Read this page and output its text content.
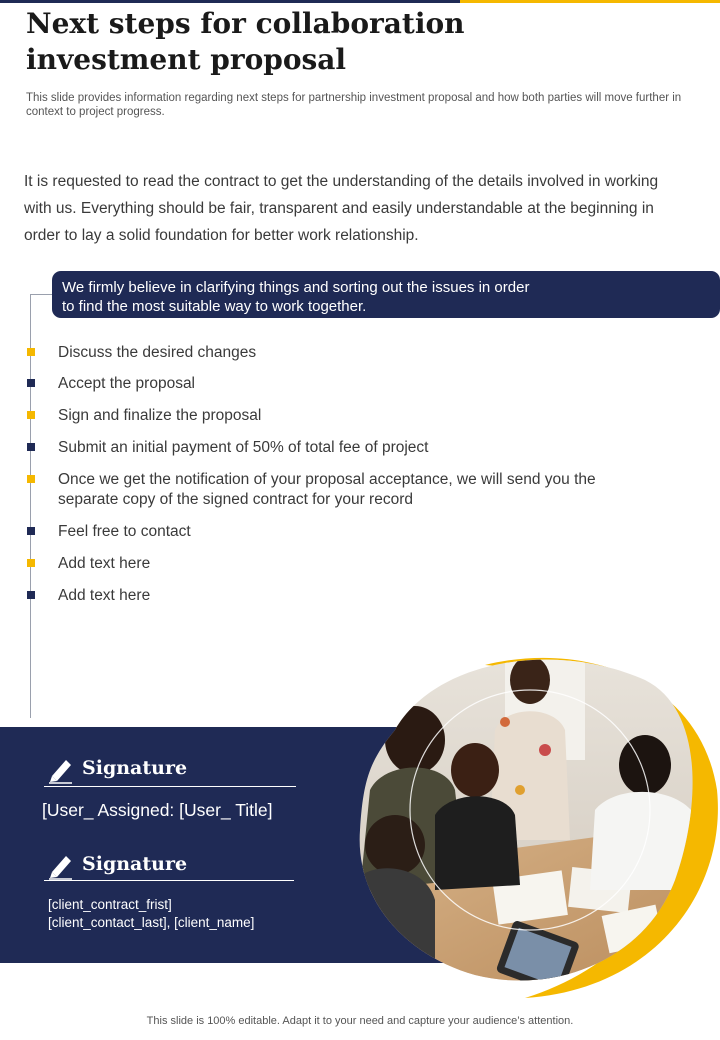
Next steps for collaboration
investment proposal
This slide provides information regarding next steps for partnership investment proposal and how both parties will move further in context to project progress.
It is requested to read the contract to get the understanding of the details involved in working with us. Everything should be fair, transparent and easily understandable at the beginning in order to lay a solid foundation for better work relationship.
We firmly believe in clarifying things and sorting out the issues in order to find the most suitable way to work together.
Discuss the desired changes
Accept the proposal
Sign and finalize the proposal
Submit an initial payment of 50% of total fee of project
Once we get the notification of your proposal acceptance, we will send you the separate copy of the signed contract for your record
Feel free to contact
Add text here
Add text here
Signature
[User_ Assigned: [User_ Title]
Signature
[client_contract_frist]
[client_contact_last], [client_name]
This slide is 100% editable. Adapt it to your need and capture your audience’s attention.
